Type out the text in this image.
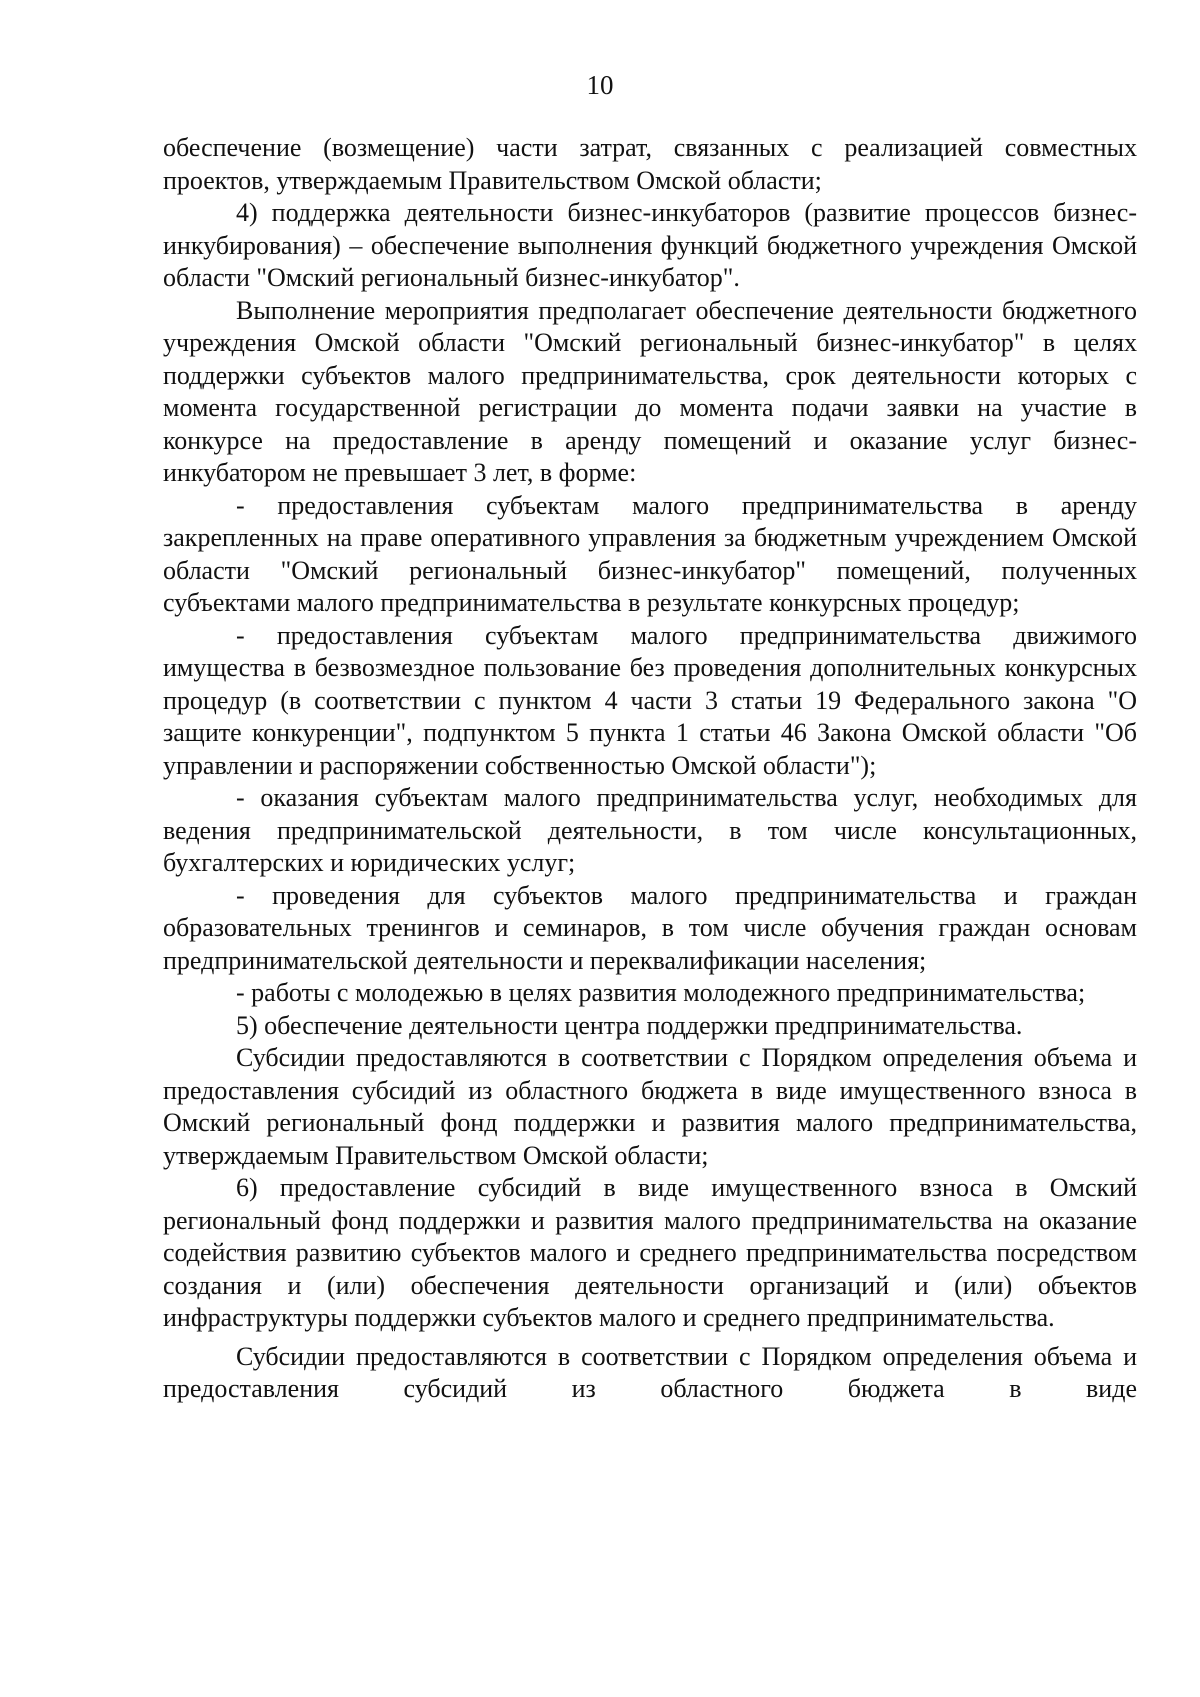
10

обеспечение (возмещение) части затрат, связанных с реализацией совместных проектов, утверждаемым Правительством Омской области;

4) поддержка деятельности бизнес-инкубаторов (развитие процессов бизнес-инкубирования) – обеспечение выполнения функций бюджетного учреждения Омской области "Омский региональный бизнес-инкубатор".

Выполнение мероприятия предполагает обеспечение деятельности бюджетного учреждения Омской области "Омский региональный бизнес-инкубатор" в целях поддержки субъектов малого предпринимательства, срок деятельности которых с момента государственной регистрации до момента подачи заявки на участие в конкурсе на предоставление в аренду помещений и оказание услуг бизнес-инкубатором не превышает 3 лет, в форме:

- предоставления субъектам малого предпринимательства в аренду закрепленных на праве оперативного управления за бюджетным учреждением Омской области "Омский региональный бизнес-инкубатор" помещений, полученных субъектами малого предпринимательства в результате конкурсных процедур;

- предоставления субъектам малого предпринимательства движимого имущества в безвозмездное пользование без проведения дополнительных конкурсных процедур (в соответствии с пунктом 4 части 3 статьи 19 Федерального закона "О защите конкуренции", подпунктом 5 пункта 1 статьи 46 Закона Омской области "Об управлении и распоряжении собственностью Омской области");

- оказания субъектам малого предпринимательства услуг, необходимых для ведения предпринимательской деятельности, в том числе консультационных, бухгалтерских и юридических услуг;

- проведения для субъектов малого предпринимательства и граждан образовательных тренингов и семинаров, в том числе обучения граждан основам предпринимательской деятельности и переквалификации населения;

- работы с молодежью в целях развития молодежного предпринимательства;

5) обеспечение деятельности центра поддержки предпринимательства.

Субсидии предоставляются в соответствии с Порядком определения объема и предоставления субсидий из областного бюджета в виде имущественного взноса в Омский региональный фонд поддержки и развития малого предпринимательства, утверждаемым Правительством Омской области;

6) предоставление субсидий в виде имущественного взноса в Омский региональный фонд поддержки и развития малого предпринимательства на оказание содействия развитию субъектов малого и среднего предпринимательства посредством создания и (или) обеспечения деятельности организаций и (или) объектов инфраструктуры поддержки субъектов малого и среднего предпринимательства.

Субсидии предоставляются в соответствии с Порядком определения объема и предоставления субсидий из областного бюджета в виде
